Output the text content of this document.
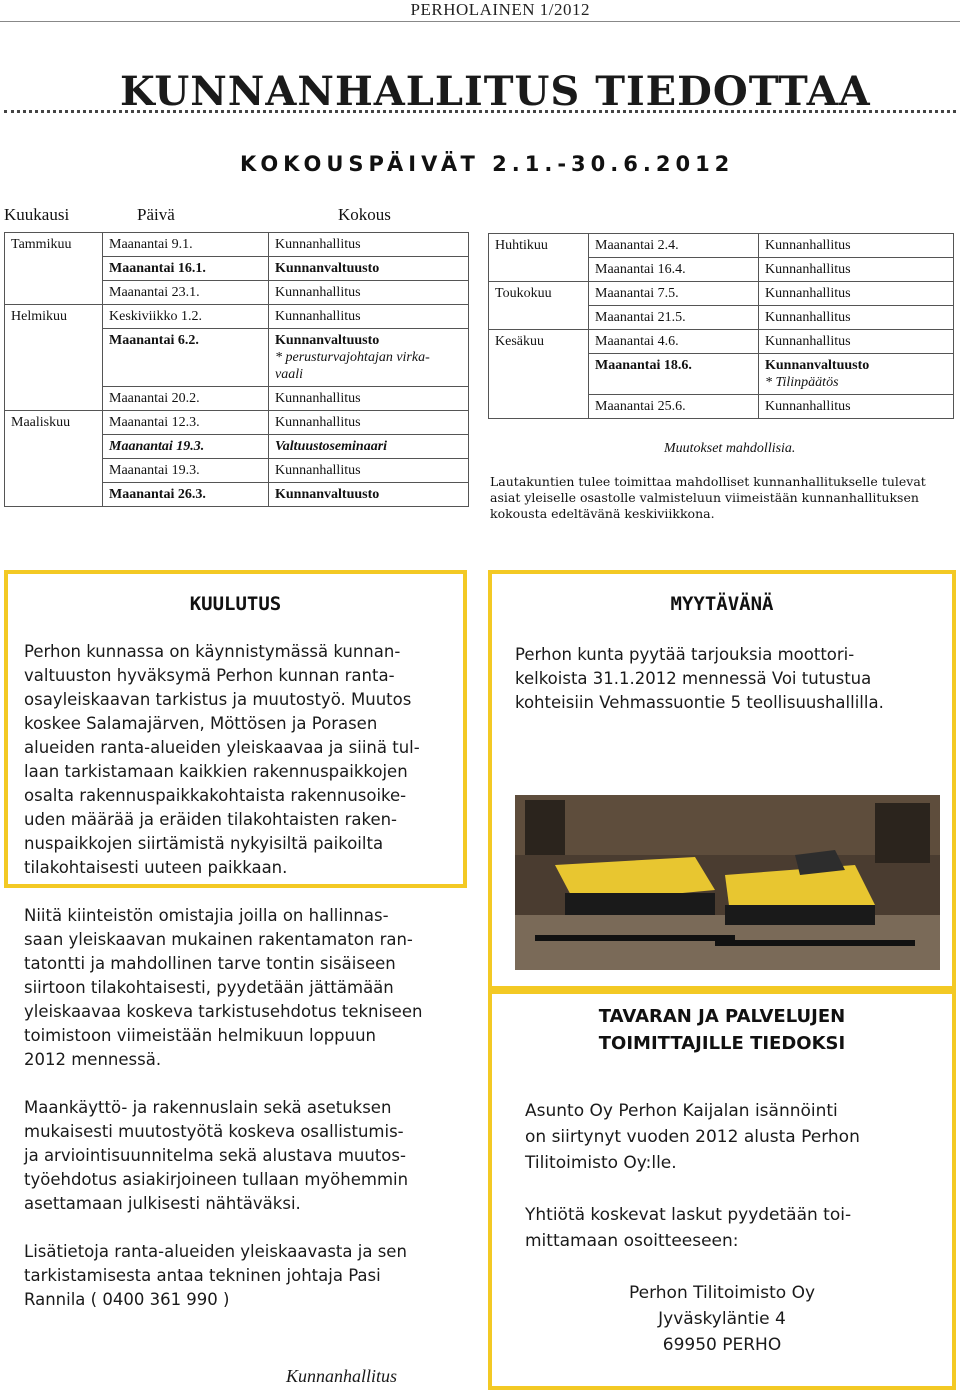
PERHOLAINEN 1/2012
KUNNANHALLITUS TIEDOTTAA
KOKOUSPÄIVÄT 2.1.-30.6.2012
Kuukausi	Päivä	Kokous
Tammikuu	Maanantai 9.1.	Kunnanhallitus
	Maanantai 16.1.	Kunnanvaltuusto
	Maanantai 23.1.	Kunnanhallitus
Helmikuu	Keskiviikko 1.2.	Kunnanhallitus
	Maanantai 6.2.	Kunnanvaltuusto
* perusturvajohtajan virka-
vaali

	Maanantai 20.2.	Kunnanhallitus
Maaliskuu	Maanantai 12.3.	Kunnanhallitus
	Maanantai 19.3.	Valtuustoseminaari
	Maanantai 19.3.	Kunnanhallitus
	Maanantai 26.3.	Kunnanvaltuusto
Huhtikuu	Maanantai 2.4.	Kunnanhallitus
	Maanantai 16.4.	Kunnanhallitus
Toukokuu	Maanantai 7.5.	Kunnanhallitus
	Maanantai 21.5.	Kunnanhallitus
Kesäkuu	Maanantai 4.6.	Kunnanhallitus
	Maanantai 18.6.	Kunnanvaltuusto
* Tilinpäätös

	Maanantai 25.6.	Kunnanhallitus
Muutokset mahdollisia.
Lautakuntien tulee toimittaa mahdolliset kunnanhallitukselle tulevat asiat yleiselle osastolle valmisteluun viimeistään kunnanhallituksen kokousta edeltävänä keskiviikkona.
KUULUTUS
Perhon kunnassa on käynnistymässä kunnan-
valtuuston hyväksymä Perhon kunnan ranta-
osayleiskaavan tarkistus ja muutostyö. Muutos
koskee Salamajärven, Möttösen ja Porasen
alueiden ranta-alueiden yleiskaavaa ja siinä tul-
laan tarkistamaan kaikkien rakennuspaikkojen
osalta rakennuspaikkakohtaista rakennusoike-
uden määrää ja eräiden tilakohtaisten raken-
nuspaikkojen siirtämistä nykyisiltä paikoilta
tilakohtaisesti uuteen paikkaan.
Niitä kiinteistön omistajia joilla on hallinnas-
saan yleiskaavan mukainen rakentamaton ran-
tatontti ja mahdollinen tarve tontin sisäiseen
siirtoon tilakohtaisesti, pyydetään jättämään
yleiskaavaa koskeva tarkistusehdotus tekniseen
toimistoon viimeistään helmikuun loppuun
2012 mennessä.
Maankäyttö- ja rakennuslain sekä asetuksen
mukaisesti muutostyötä koskeva osallistumis-
ja arviointisuunnitelma sekä alustava muutos-
työehdotus asiakirjoineen tullaan myöhemmin
asettamaan julkisesti nähtäväksi.
Lisätietoja ranta-alueiden yleiskaavasta ja sen
tarkistamisesta antaa tekninen johtaja Pasi
Rannila ( 0400 361 990 )
Kunnanhallitus
MYYTÄVÄNÄ
Perhon kunta pyytää tarjouksia moottori-
kelkoista 31.1.2012 mennessä Voi tutustua
kohteisiin Vehmassuontie 5 teollisuushallilla.
TAVARAN JA PALVELUJEN
TOIMITTAJILLE TIEDOKSI
Asunto Oy Perhon Kaijalan isännöinti
on siirtynyt vuoden 2012 alusta Perhon
Tilitoimisto Oy:lle.
Yhtiötä koskevat laskut pyydetään toi-
mittamaan osoitteeseen:
Perhon Tilitoimisto Oy
Jyväskyläntie 4
69950 PERHO
